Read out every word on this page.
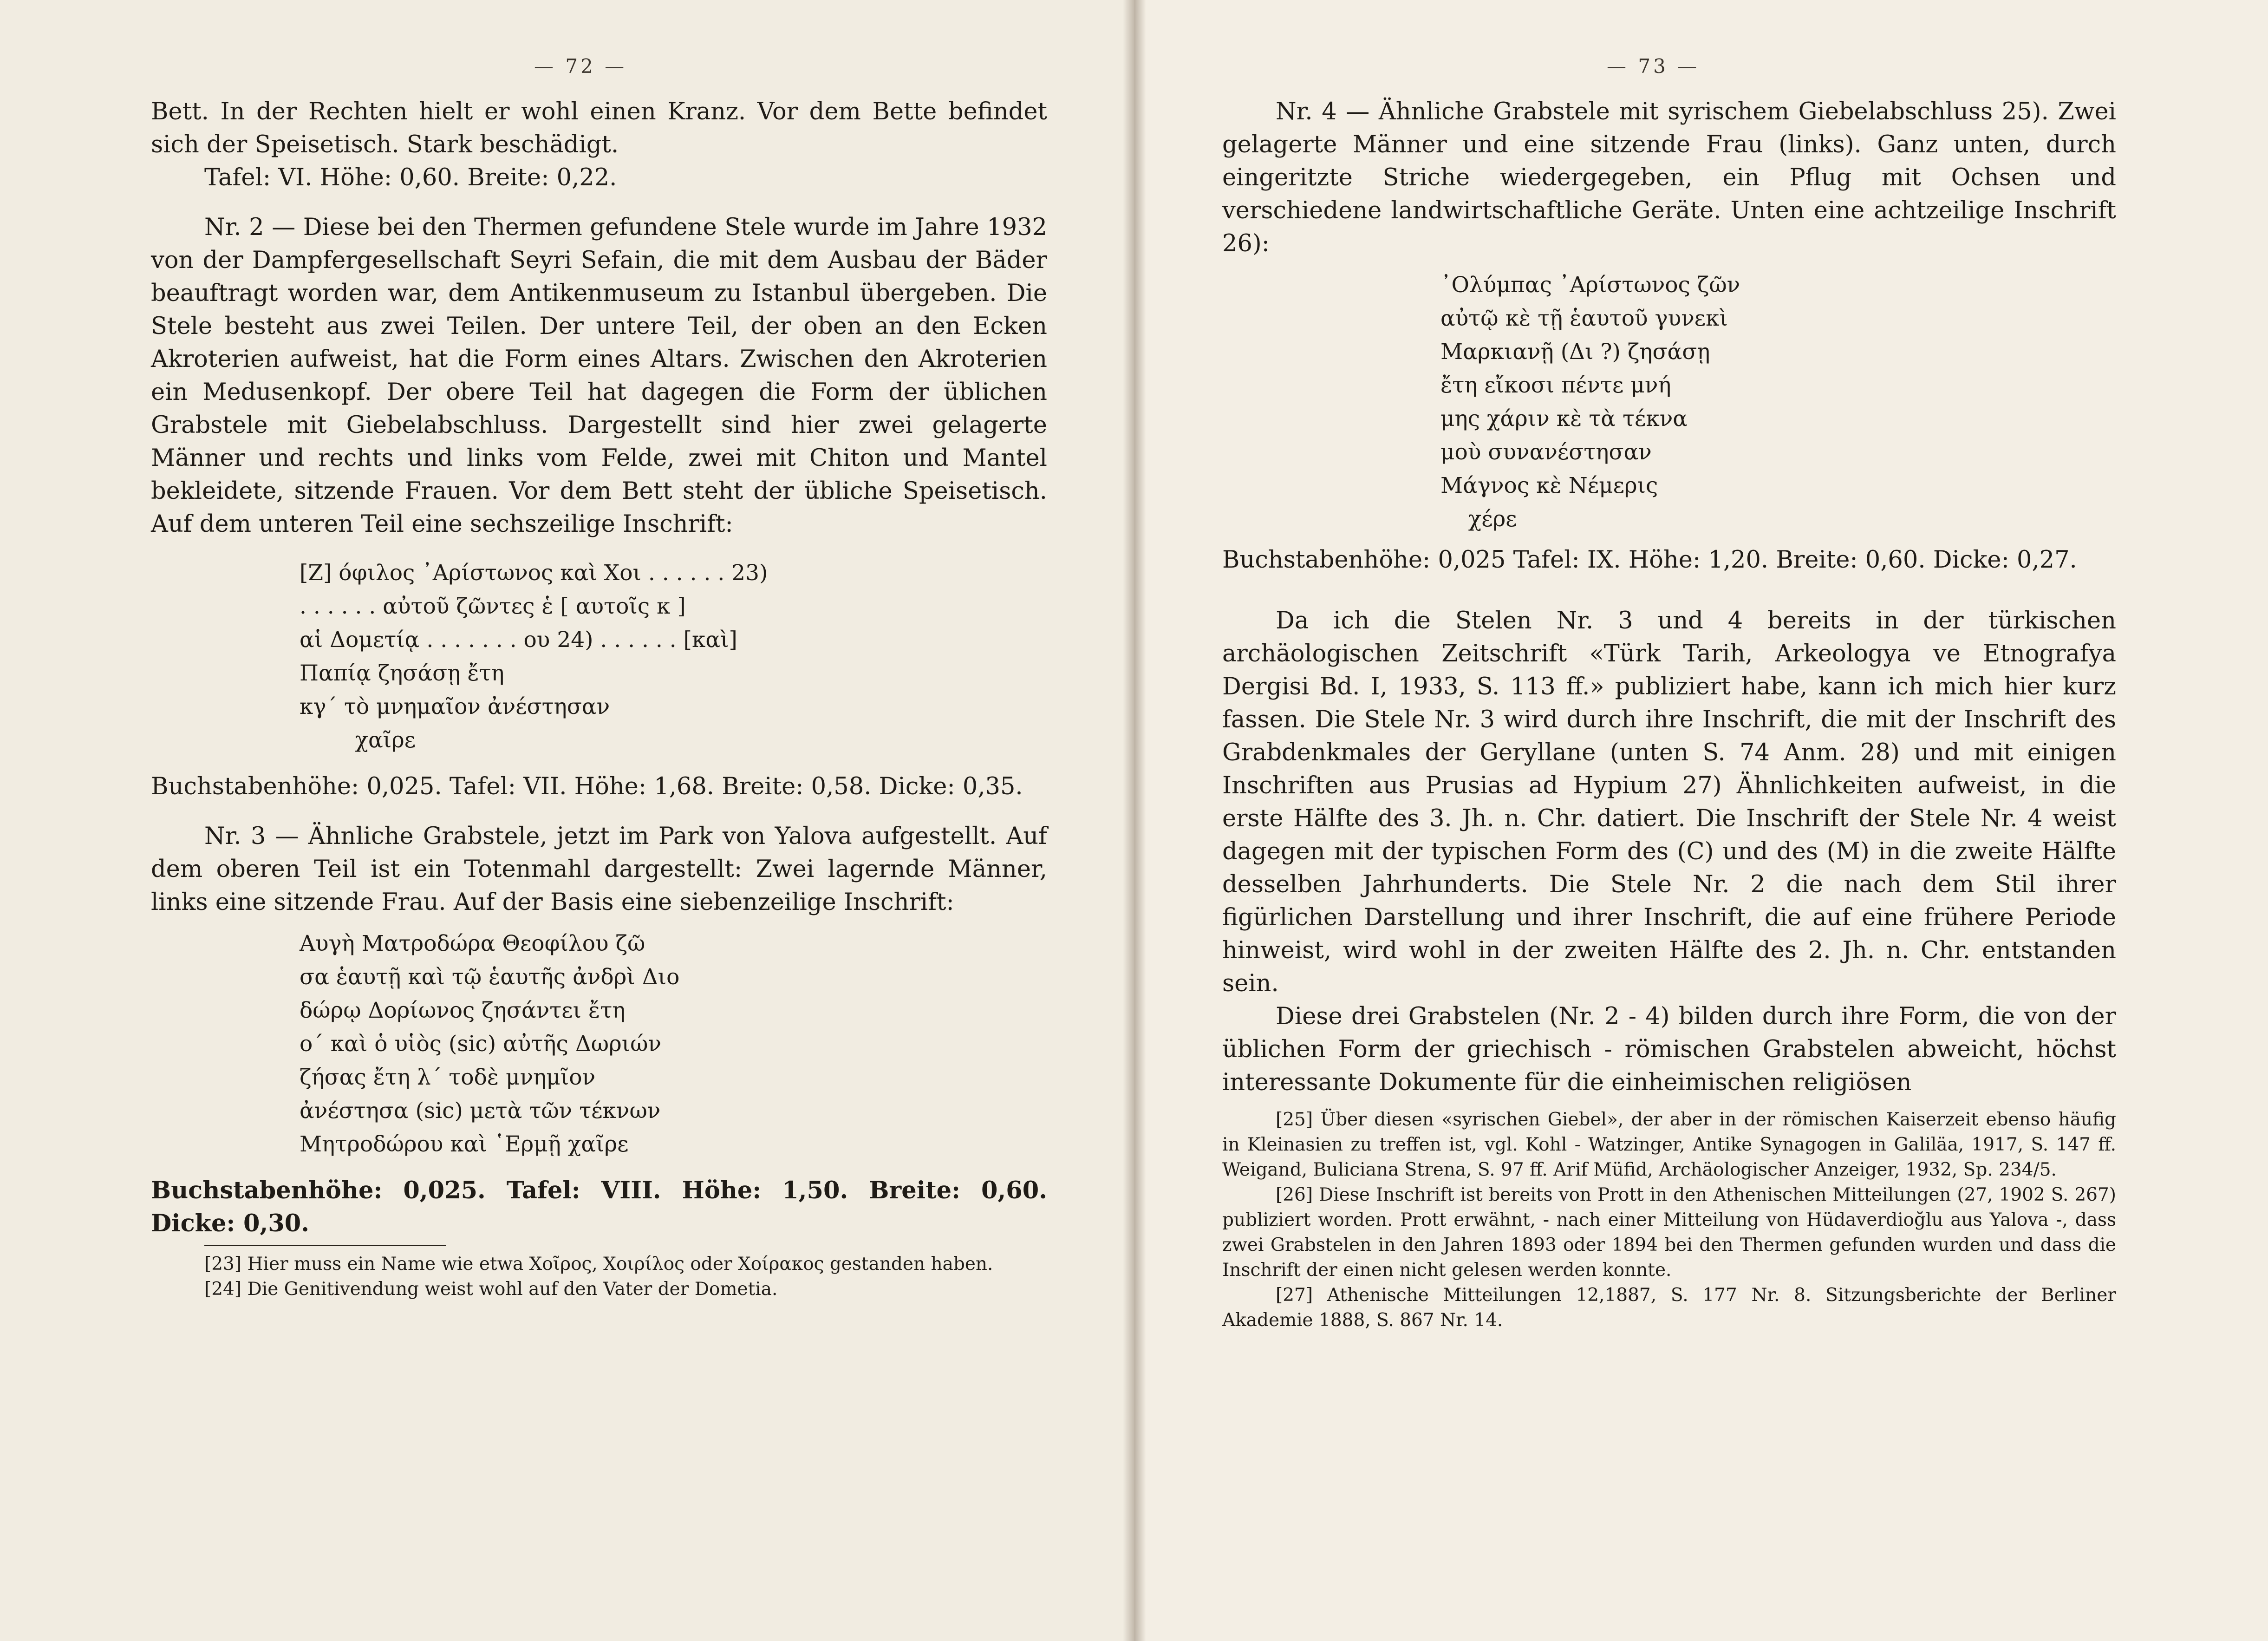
— 72 —

Bett. In der Rechten hielt er wohl einen Kranz. Vor dem Bette befindet sich der Speisetisch. Stark beschädigt.

Tafel: VI. Höhe: 0,60. Breite: 0,22.

Nr. 2 — Diese bei den Thermen gefundene Stele wurde im Jahre 1932 von der Dampfergesellschaft Seyri Sefain, die mit dem Ausbau der Bäder beauftragt worden war, dem Antikenmuseum zu Istanbul übergeben. Die Stele besteht aus zwei Teilen. Der untere Teil, der oben an den Ecken Akroterien aufweist, hat die Form eines Altars. Zwischen den Akroterien ein Medusenkopf. Der obere Teil hat dagegen die Form der üblichen Grabstele mit Giebelabschluss. Dargestellt sind hier zwei gelagerte Männer und rechts und links vom Felde, zwei mit Chiton und Mantel bekleidete, sitzende Frauen. Vor dem Bett steht der übliche Speisetisch. Auf dem unteren Teil eine sechszeilige Inschrift:

[Ζ] όφιλος ᾿Αρίστωνος καὶ Χοι . . . . . . 23)
. . . . . . αὐτοῦ ζῶντες ἑ [ αυτοῖς κ ]
αἱ Δομετίᾳ . . . . . . . ου 24) . . . . . . [καὶ]
Παπίᾳ ζησάσῃ ἔτη
κγ´ τὸ μνημαῖον ἀνέστησαν
χαῖρε

Buchstabenhöhe: 0,025. Tafel: VII. Höhe: 1,68. Breite: 0,58. Dicke: 0,35.

Nr. 3 — Ähnliche Grabstele, jetzt im Park von Yalova aufgestellt. Auf dem oberen Teil ist ein Totenmahl dargestellt: Zwei lagernde Männer, links eine sitzende Frau. Auf der Basis eine siebenzeilige Inschrift:

Αυγὴ Ματροδώρα Θεοφίλου ζῶ
σα ἑαυτῇ καὶ τῷ ἑαυτῆς ἀνδρὶ Διο
δώρῳ Δορίωνος ζησάντει ἔτη
ο´ καὶ ὁ υἱὸς (sic) αὐτῆς Δωριών
ζήσας ἔτη λ´ τοδὲ μνημῖον
ἀνέστησα (sic) μετὰ τῶν τέκνων
Μητροδώρου καὶ ῾Ερμῇ χαῖρε

Buchstabenhöhe: 0,025. Tafel: VIII. Höhe: 1,50. Breite: 0,60. Dicke: 0,30.

[23] Hier muss ein Name wie etwa Χοῖρος, Χοιρίλος oder Χοίρακος gestanden haben.

[24] Die Genitivendung weist wohl auf den Vater der Dometia.

— 73 —

Nr. 4 — Ähnliche Grabstele mit syrischem Giebelabschluss 25). Zwei gelagerte Männer und eine sitzende Frau (links). Ganz unten, durch eingeritzte Striche wiedergegeben, ein Pflug mit Ochsen und verschiedene landwirtschaftliche Geräte. Unten eine achtzeilige Inschrift 26):

᾿Ολύμπας ᾿Αρίστωνος ζῶν
αὐτῷ κὲ τῇ ἑαυτοῦ γυνεκὶ
Μαρκιανῇ (Δι ?) ζησάσῃ
ἔτη εἴκοσι πέντε μνή
μης χάριν κὲ τὰ τέκνα
μοὺ συνανέστησαν
Μάγνος κὲ Νέμερις
χέρε

Buchstabenhöhe: 0,025 Tafel: IX. Höhe: 1,20. Breite: 0,60. Dicke: 0,27.

Da ich die Stelen Nr. 3 und 4 bereits in der türkischen archäologischen Zeitschrift «Türk Tarih, Arkeologya ve Etnografya Dergisi Bd. I, 1933, S. 113 ff.» publiziert habe, kann ich mich hier kurz fassen. Die Stele Nr. 3 wird durch ihre Inschrift, die mit der Inschrift des Grabdenkmales der Geryllane (unten S. 74 Anm. 28) und mit einigen Inschriften aus Prusias ad Hypium 27) Ähnlichkeiten aufweist, in die erste Hälfte des 3. Jh. n. Chr. datiert. Die Inschrift der Stele Nr. 4 weist dagegen mit der typischen Form des (C) und des (M) in die zweite Hälfte desselben Jahrhunderts. Die Stele Nr. 2 die nach dem Stil ihrer figürlichen Darstellung und ihrer Inschrift, die auf eine frühere Periode hinweist, wird wohl in der zweiten Hälfte des 2. Jh. n. Chr. entstanden sein.

Diese drei Grabstelen (Nr. 2 - 4) bilden durch ihre Form, die von der üblichen Form der griechisch - römischen Grabstelen abweicht, höchst interessante Dokumente für die einheimischen religiösen

[25] Über diesen «syrischen Giebel», der aber in der römischen Kaiserzeit ebenso häufig in Kleinasien zu treffen ist, vgl. Kohl - Watzinger, Antike Synagogen in Galiläa, 1917, S. 147 ff. Weigand, Buliciana Strena, S. 97 ff. Arif Müfid, Archäologischer Anzeiger, 1932, Sp. 234/5.

[26] Diese Inschrift ist bereits von Prott in den Athenischen Mitteilungen (27, 1902 S. 267) publiziert worden. Prott erwähnt, - nach einer Mitteilung von Hüdaverdioğlu aus Yalova -, dass zwei Grabstelen in den Jahren 1893 oder 1894 bei den Thermen gefunden wurden und dass die Inschrift der einen nicht gelesen werden konnte.

[27] Athenische Mitteilungen 12,1887, S. 177 Nr. 8. Sitzungsberichte der Berliner Akademie 1888, S. 867 Nr. 14.
